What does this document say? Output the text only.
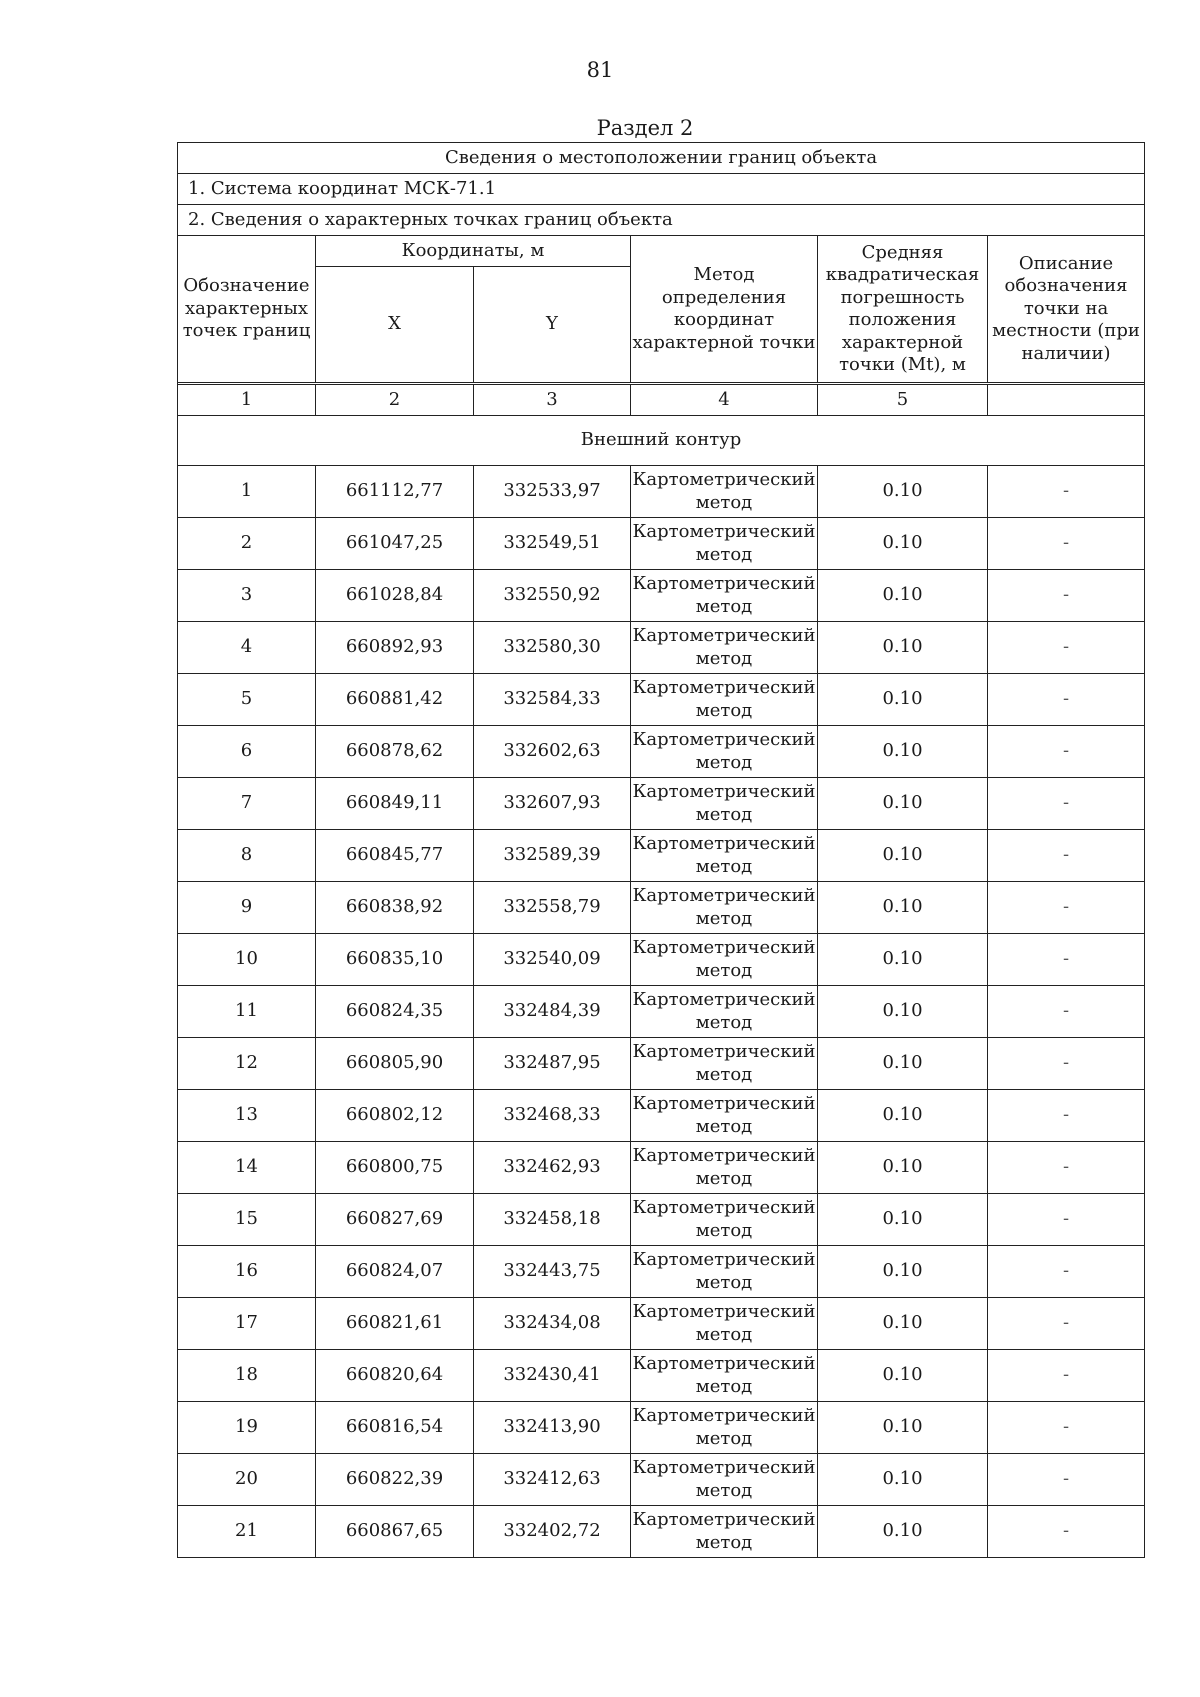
81
Раздел 2
Сведения о местоположении границ объекта					
1. Система координат МСК-71.1					
2. Сведения о характерных точках границ объекта					
Обозначение характерных точек границ	Координаты, м		Метод определения координат характерной точки	Средняя квадратическая погрешность положения характерной точки (Mt), м	Описание обозначения точки на местности (при наличии)
	X	Y			

1	2	3	4	5	
Внешний контур					
1	661112,77	332533,97	Картометрический метод	0.10	-
2	661047,25	332549,51	Картометрический метод	0.10	-
3	661028,84	332550,92	Картометрический метод	0.10	-
4	660892,93	332580,30	Картометрический метод	0.10	-
5	660881,42	332584,33	Картометрический метод	0.10	-
6	660878,62	332602,63	Картометрический метод	0.10	-
7	660849,11	332607,93	Картометрический метод	0.10	-
8	660845,77	332589,39	Картометрический метод	0.10	-
9	660838,92	332558,79	Картометрический метод	0.10	-
10	660835,10	332540,09	Картометрический метод	0.10	-
11	660824,35	332484,39	Картометрический метод	0.10	-
12	660805,90	332487,95	Картометрический метод	0.10	-
13	660802,12	332468,33	Картометрический метод	0.10	-
14	660800,75	332462,93	Картометрический метод	0.10	-
15	660827,69	332458,18	Картометрический метод	0.10	-
16	660824,07	332443,75	Картометрический метод	0.10	-
17	660821,61	332434,08	Картометрический метод	0.10	-
18	660820,64	332430,41	Картометрический метод	0.10	-
19	660816,54	332413,90	Картометрический метод	0.10	-
20	660822,39	332412,63	Картометрический метод	0.10	-
21	660867,65	332402,72	Картометрический метод	0.10	-
